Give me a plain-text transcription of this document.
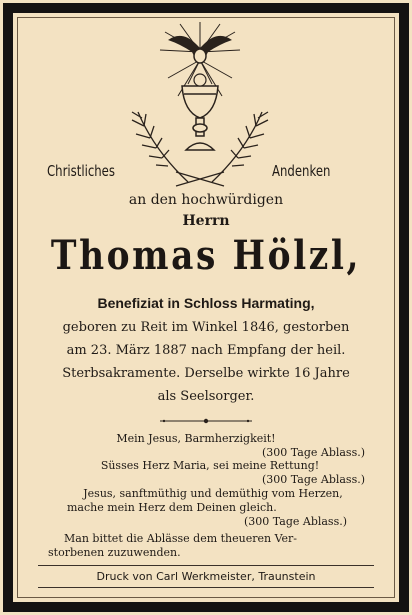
Christliches	Andenken
an den hochwürdigen
Herrn
Thomas Hölzl,
Benefiziat in Schloss Harmating,
geboren zu Reit im Winkel 1846, gestorben
am 23. März 1887 nach Empfang der heil.
Sterbsakramente. Derselbe wirkte 16 Jahre
als Seelsorger.
Mein Jesus, Barmherzigkeit!
(300 Tage Ablass.)
Süsses Herz Maria, sei meine Rettung!
(300 Tage Ablass.)
Jesus, sanftmüthig und demüthig vom Herzen,
mache mein Herz dem Deinen gleich.
(300 Tage Ablass.)
Man bittet die Ablässe dem theueren Ver-
storbenen zuzuwenden.
Druck von Carl Werkmeister, Traunstein
